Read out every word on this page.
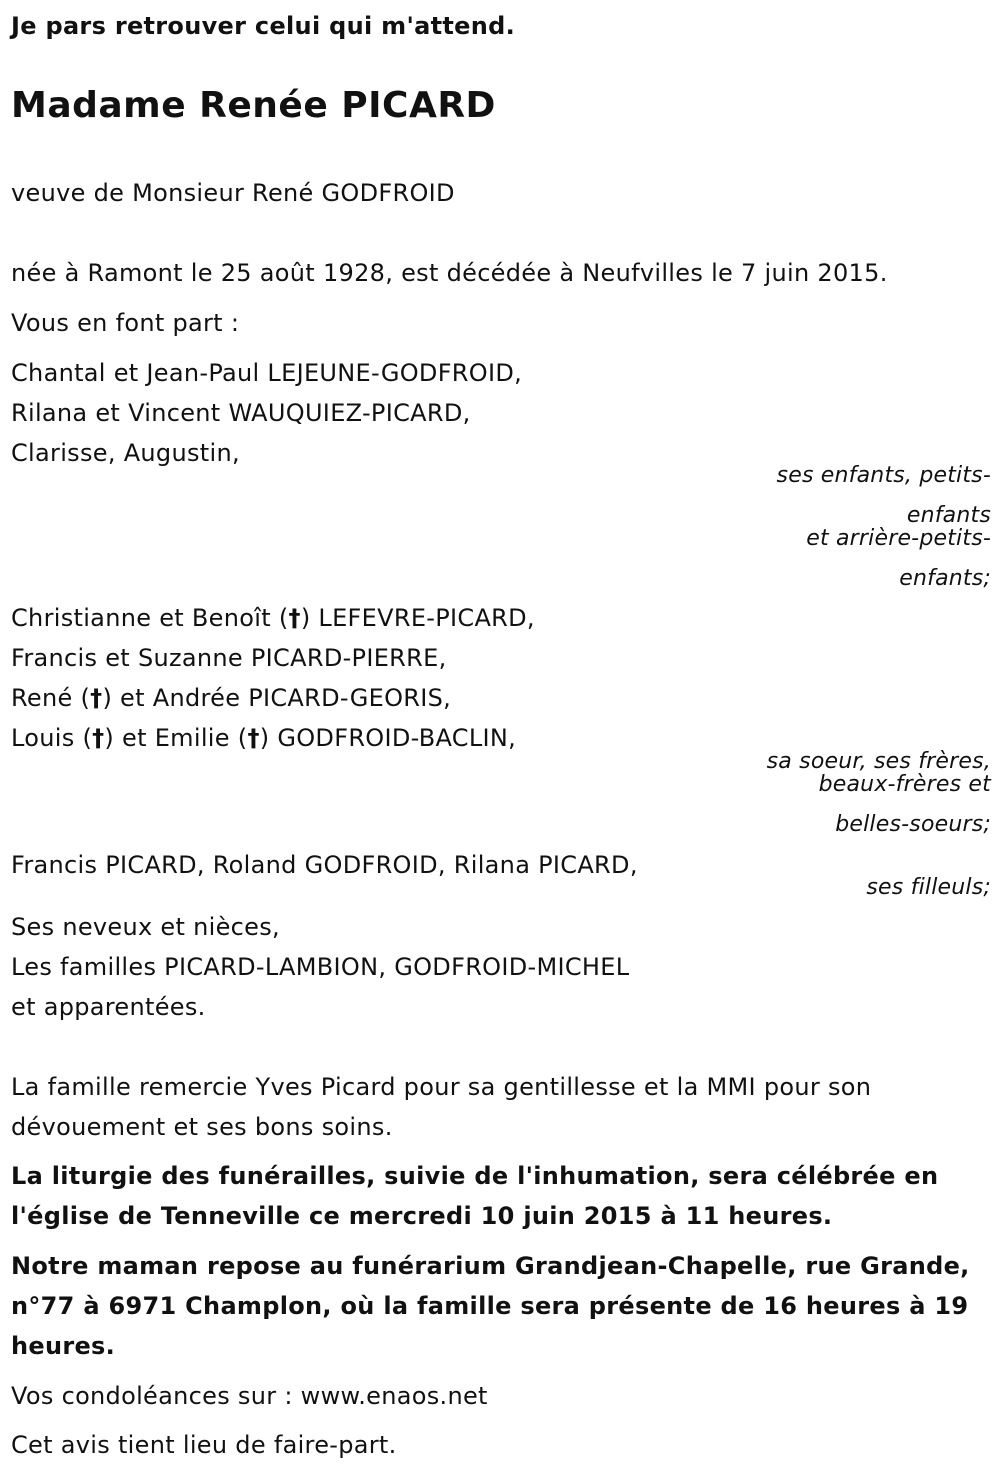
Je pars retrouver celui qui m'attend.
Madame Renée PICARD
veuve de Monsieur René GODFROID
née à Ramont le 25 août 1928, est décédée à Neufvilles le 7 juin 2015.
Vous en font part :
Chantal et Jean-Paul LEJEUNE-GODFROID,
Rilana et Vincent WAUQUIEZ-PICARD,
Clarisse, Augustin,
ses enfants, petits-
enfants
et arrière-petits-
enfants;
Christianne et Benoît (†) LEFEVRE-PICARD,
Francis et Suzanne PICARD-PIERRE,
René (†) et Andrée PICARD-GEORIS,
Louis (†) et Emilie (†) GODFROID-BACLIN,
sa soeur, ses frères,
beaux-frères et
belles-soeurs;
Francis PICARD, Roland GODFROID, Rilana PICARD,
ses filleuls;
Ses neveux et nièces,
Les familles PICARD-LAMBION, GODFROID-MICHEL
et apparentées.
La famille remercie Yves Picard pour sa gentillesse et la MMI pour son
dévouement et ses bons soins.
La liturgie des funérailles, suivie de l'inhumation, sera célébrée en
l'église de Tenneville ce mercredi 10 juin 2015 à 11 heures.
Notre maman repose au funérarium Grandjean-Chapelle, rue Grande,
n°77 à 6971 Champlon, où la famille sera présente de 16 heures à 19
heures.
Vos condoléances sur : www.enaos.net
Cet avis tient lieu de faire-part.
